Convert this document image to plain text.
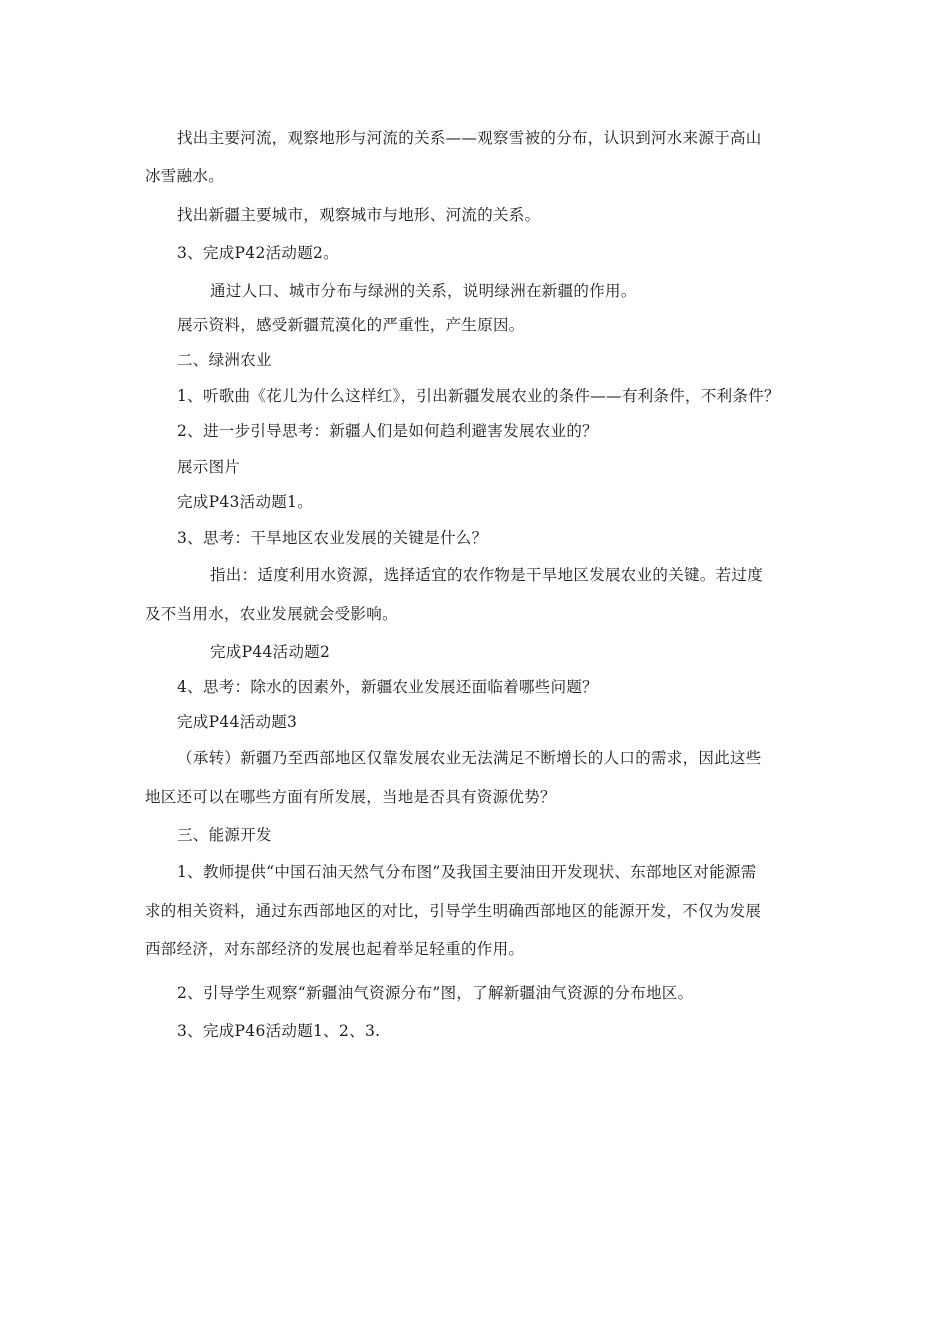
找出主要河流，观察地形与河流的关系——观察雪被的分布，认识到河水来源于高山
冰雪融水。
找出新疆主要城市，观察城市与地形、河流的关系。
3、完成P42活动题2。
通过人口、城市分布与绿洲的关系，说明绿洲在新疆的作用。
展示资料，感受新疆荒漠化的严重性，产生原因。
二、绿洲农业
1、听歌曲《花儿为什么这样红》，引出新疆发展农业的条件——有利条件，不利条件？
2、进一步引导思考：新疆人们是如何趋利避害发展农业的？
展示图片
完成P43活动题1。
3、思考：干旱地区农业发展的关键是什么？
指出：适度利用水资源，选择适宜的农作物是干旱地区发展农业的关键。若过度
及不当用水，农业发展就会受影响。
完成P44活动题2
4、思考：除水的因素外，新疆农业发展还面临着哪些问题？
完成P44活动题3
（承转）新疆乃至西部地区仅靠发展农业无法满足不断增长的人口的需求，因此这些
地区还可以在哪些方面有所发展，当地是否具有资源优势？
三、能源开发
1、教师提供“中国石油天然气分布图”及我国主要油田开发现状、东部地区对能源需
求的相关资料，通过东西部地区的对比，引导学生明确西部地区的能源开发，不仅为发展
西部经济，对东部经济的发展也起着举足轻重的作用。
2、引导学生观察“新疆油气资源分布”图，了解新疆油气资源的分布地区。
3、完成P46活动题1、2、3.
